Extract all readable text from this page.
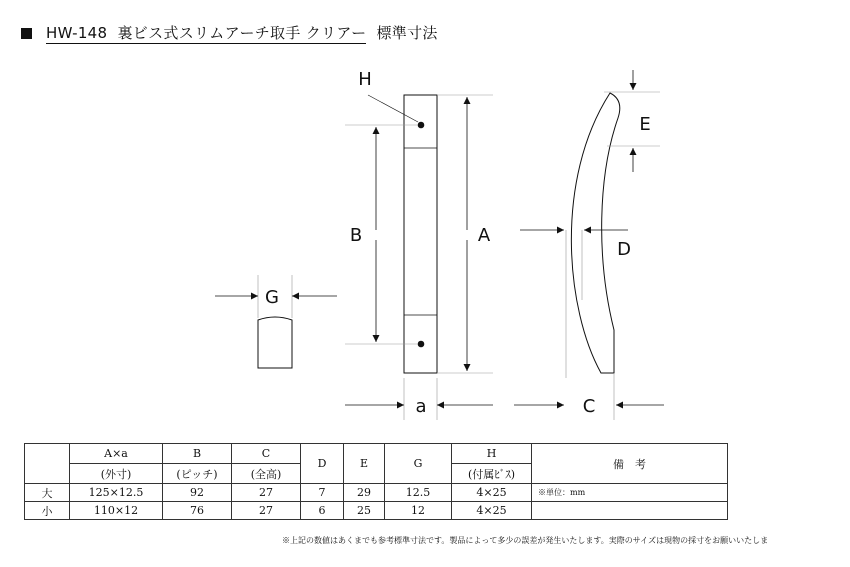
HW-148 裏ビス式スリムアーチ取手 クリアー 標準寸法
G
H
B	A
a
E
D
C
	A×a	B	C	D	E	G	H	備　考
	(外寸)	(ピッチ)	(全高)				(付属ﾋﾞｽ)	
大	125×12.5	92	27	7	29	12.5	4×25	※単位：mm
小	110×12	76	27	6	25	12	4×25	
※上記の数値はあくまでも参考標準寸法です。製品によって多少の誤差が発生いたします。実際のサイズは現物の採寸をお願いいたしま
